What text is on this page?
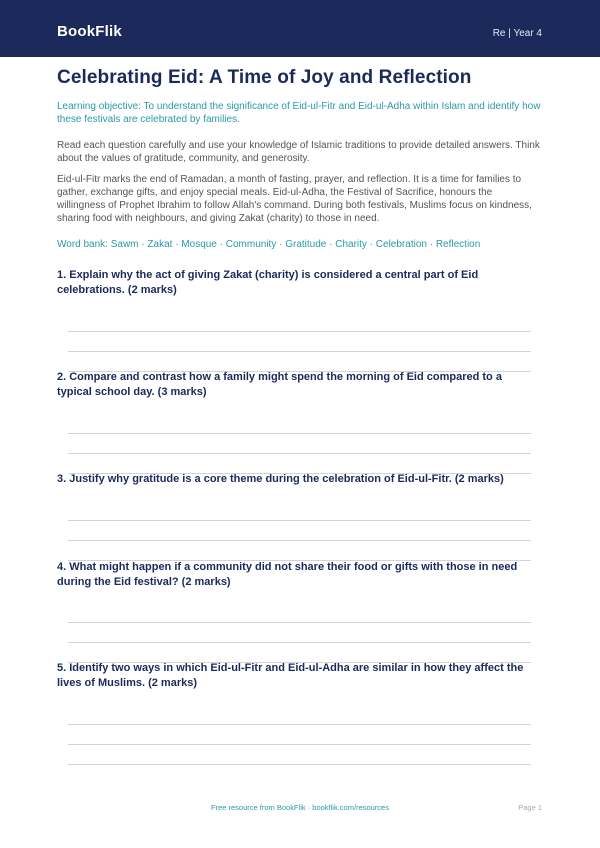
BookFlik	Re | Year 4
Celebrating Eid: A Time of Joy and Reflection
Learning objective: To understand the significance of Eid-ul-Fitr and Eid-ul-Adha within Islam and identify how these festivals are celebrated by families.
Read each question carefully and use your knowledge of Islamic traditions to provide detailed answers. Think about the values of gratitude, community, and generosity.
Eid-ul-Fitr marks the end of Ramadan, a month of fasting, prayer, and reflection. It is a time for families to gather, exchange gifts, and enjoy special meals. Eid-ul-Adha, the Festival of Sacrifice, honours the willingness of Prophet Ibrahim to follow Allah's command. During both festivals, Muslims focus on kindness, sharing food with neighbours, and giving Zakat (charity) to those in need.
Word bank: Sawm · Zakat · Mosque · Community · Gratitude · Charity · Celebration · Reflection
1. Explain why the act of giving Zakat (charity) is considered a central part of Eid celebrations. (2 marks)
2. Compare and contrast how a family might spend the morning of Eid compared to a typical school day. (3 marks)
3. Justify why gratitude is a core theme during the celebration of Eid-ul-Fitr. (2 marks)
4. What might happen if a community did not share their food or gifts with those in need during the Eid festival? (2 marks)
5. Identify two ways in which Eid-ul-Fitr and Eid-ul-Adha are similar in how they affect the lives of Muslims. (2 marks)
Free resource from BookFlik · bookflik.com/resources	Page 1
